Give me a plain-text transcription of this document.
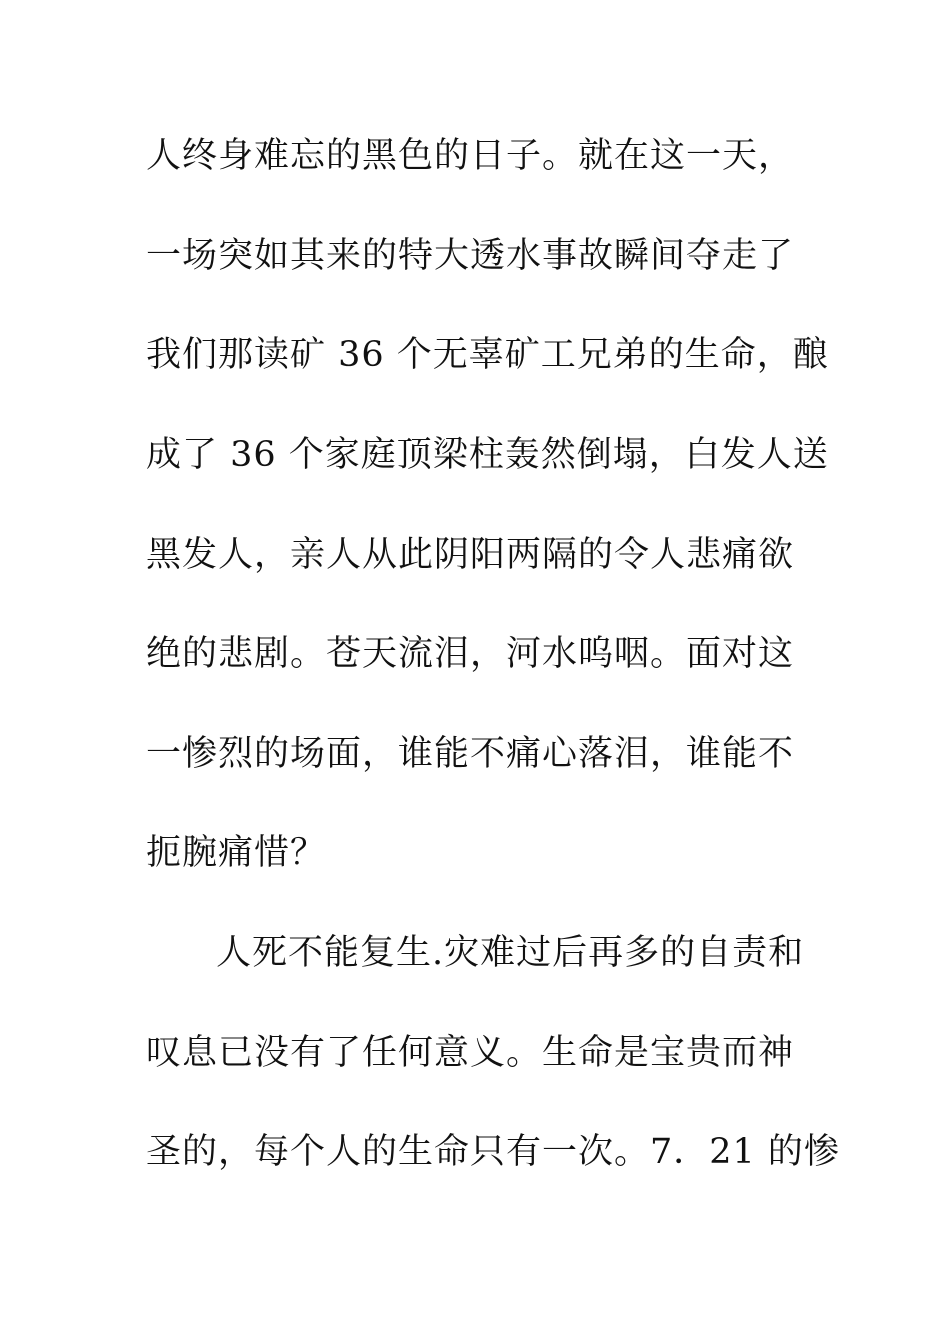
人终身难忘的黑色的日子。就在这一天，
一场突如其来的特大透水事故瞬间夺走了
我们那读矿 36 个无辜矿工兄弟的生命，酿
成了 36 个家庭顶梁柱轰然倒塌，白发人送
黑发人，亲人从此阴阳两隔的令人悲痛欲
绝的悲剧。苍天流泪，河水呜咽。面对这
一惨烈的场面，谁能不痛心落泪，谁能不
扼腕痛惜？
人死不能复生.灾难过后再多的自责和
叹息已没有了任何意义。生命是宝贵而神
圣的，每个人的生命只有一次。7．21 的惨
